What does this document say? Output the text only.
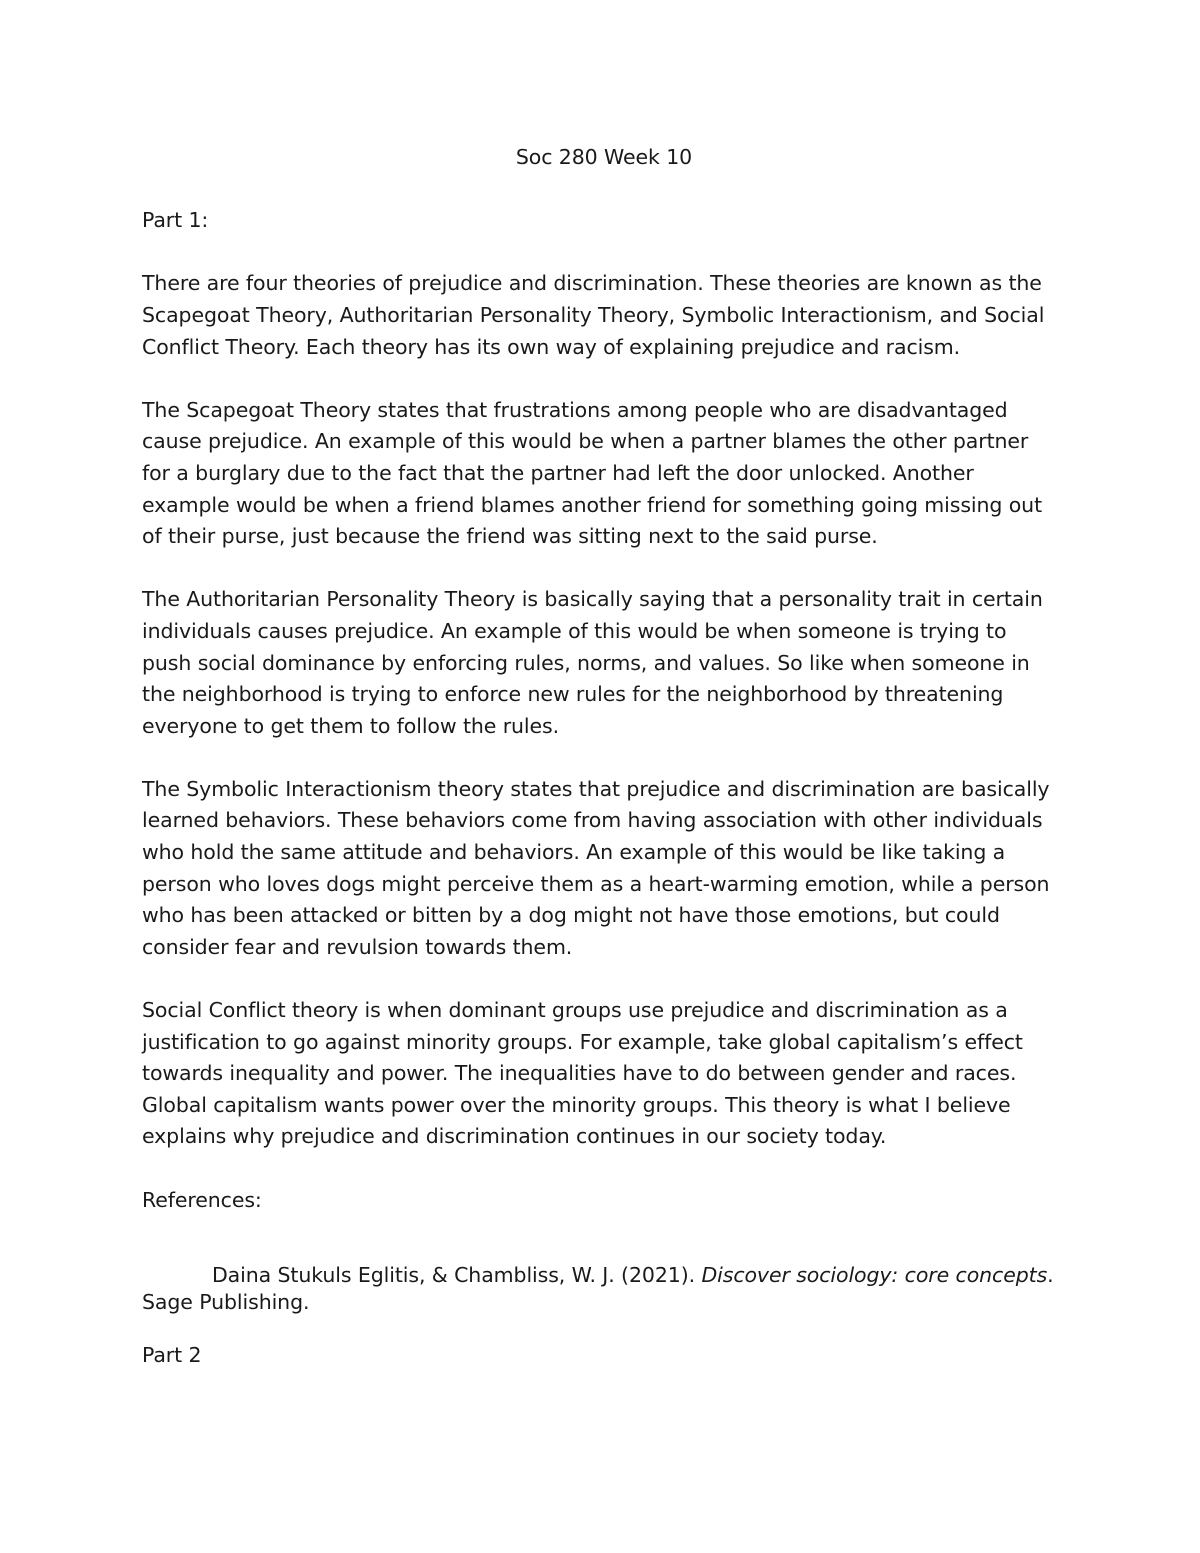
Soc 280 Week 10

Part 1:

There are four theories of prejudice and discrimination. These theories are known as the Scapegoat Theory, Authoritarian Personality Theory, Symbolic Interactionism, and Social Conflict Theory. Each theory has its own way of explaining prejudice and racism.

The Scapegoat Theory states that frustrations among people who are disadvantaged cause prejudice. An example of this would be when a partner blames the other partner for a burglary due to the fact that the partner had left the door unlocked. Another example would be when a friend blames another friend for something going missing out of their purse, just because the friend was sitting next to the said purse.

The Authoritarian Personality Theory is basically saying that a personality trait in certain individuals causes prejudice. An example of this would be when someone is trying to push social dominance by enforcing rules, norms, and values. So like when someone in the neighborhood is trying to enforce new rules for the neighborhood by threatening everyone to get them to follow the rules.

The Symbolic Interactionism theory states that prejudice and discrimination are basically learned behaviors. These behaviors come from having association with other individuals who hold the same attitude and behaviors. An example of this would be like taking a person who loves dogs might perceive them as a heart-warming emotion, while a person who has been attacked or bitten by a dog might not have those emotions, but could consider fear and revulsion towards them.

Social Conflict theory is when dominant groups use prejudice and discrimination as a justification to go against minority groups. For example, take global capitalism’s effect towards inequality and power. The inequalities have to do between gender and races. Global capitalism wants power over the minority groups. This theory is what I believe explains why prejudice and discrimination continues in our society today.

References:

Daina Stukuls Eglitis, & Chambliss, W. J. (2021). Discover sociology: core concepts. Sage Publishing.

Part 2
